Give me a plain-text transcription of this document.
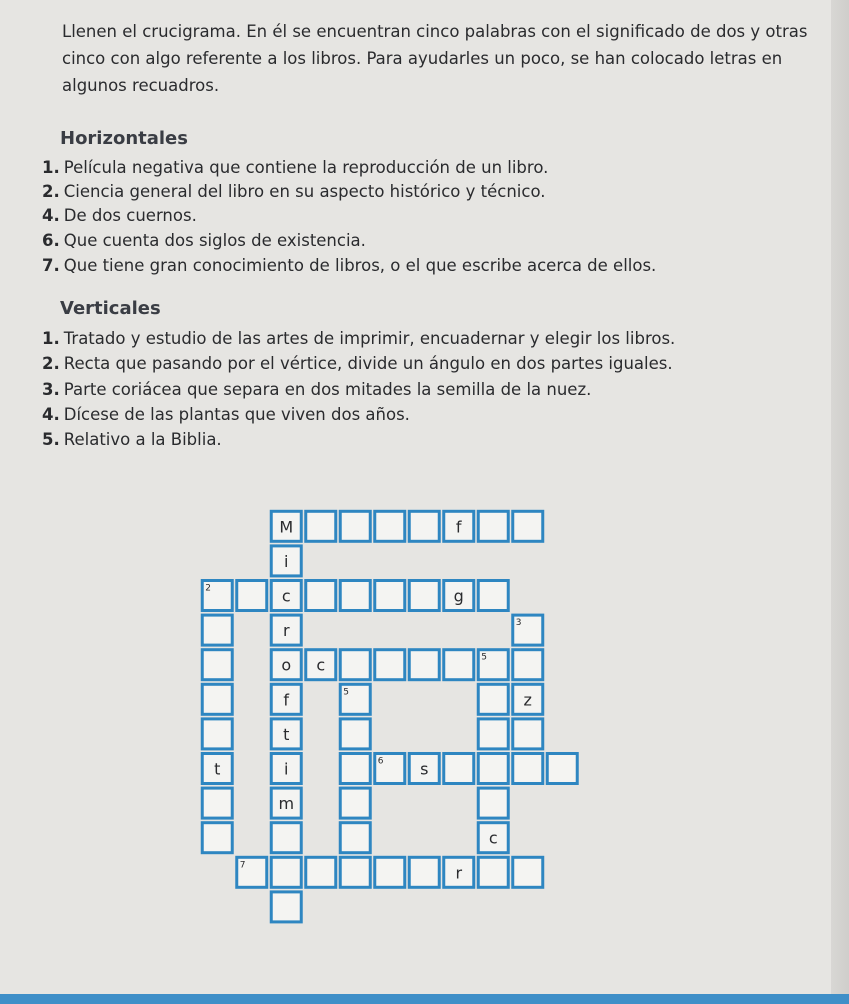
Llenen el crucigrama. En él se encuentran cinco palabras con el significado de dos y otras cinco con algo referente a los libros. Para ayudarles un poco, se han colocado letras en algunos recuadros.

Horizontales

1. Película negativa que contiene la reproducción de un libro.

2. Ciencia general del libro en su aspecto histórico y técnico.

4. De dos cuernos.

6. Que cuenta dos siglos de existencia.

7. Que tiene gran conocimiento de libros, o el que escribe acerca de ellos.

Verticales

1. Tratado y estudio de las artes de imprimir, encuadernar y elegir los libros.

2. Recta que pasando por el vértice, divide un ángulo en dos partes iguales.

3. Parte coriácea que separa en dos mitades la semilla de la nuez.

4. Dícese de las plantas que viven dos años.

5. Relativo a la Biblia.

M	f
i
2	c	g
r	3
o c	5
f	5	z
t
t	i	6 s
m
c
7	r
